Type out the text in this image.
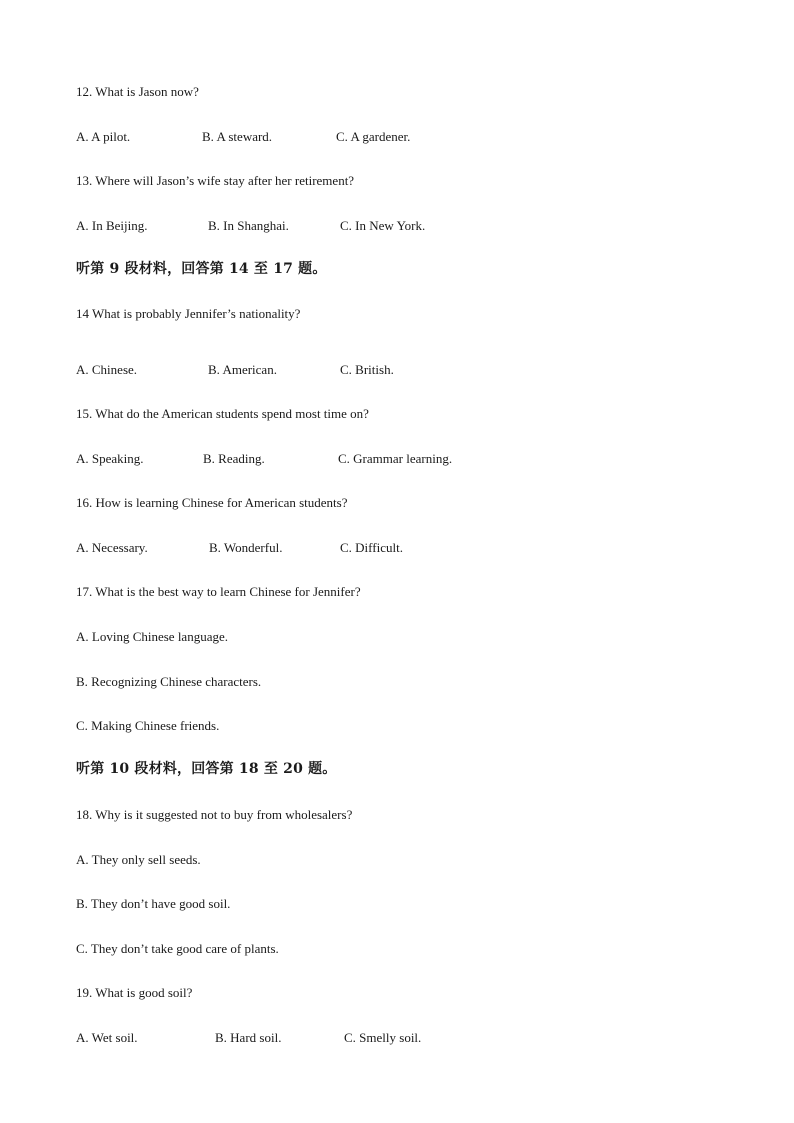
12. What is Jason now?
A. A pilot.	B. A steward.	C. A gardener.
13. Where will Jason’s wife stay after her retirement?
A. In Beijing.	B. In Shanghai.	C. In New York.
听第 9 段材料，回答第 14 至 17 题。
14 What is probably Jennifer’s nationality?
A. Chinese.	B. American.	C. British.
15. What do the American students spend most time on?
A. Speaking.	B. Reading.	C. Grammar learning.
16. How is learning Chinese for American students?
A. Necessary.	B. Wonderful.	C. Difficult.
17. What is the best way to learn Chinese for Jennifer?
A. Loving Chinese language.
B. Recognizing Chinese characters.
C. Making Chinese friends.
听第 10 段材料，回答第 18 至 20 题。
18. Why is it suggested not to buy from wholesalers?
A. They only sell seeds.
B. They don’t have good soil.
C. They don’t take good care of plants.
19. What is good soil?
A. Wet soil.	B. Hard soil.	C. Smelly soil.
